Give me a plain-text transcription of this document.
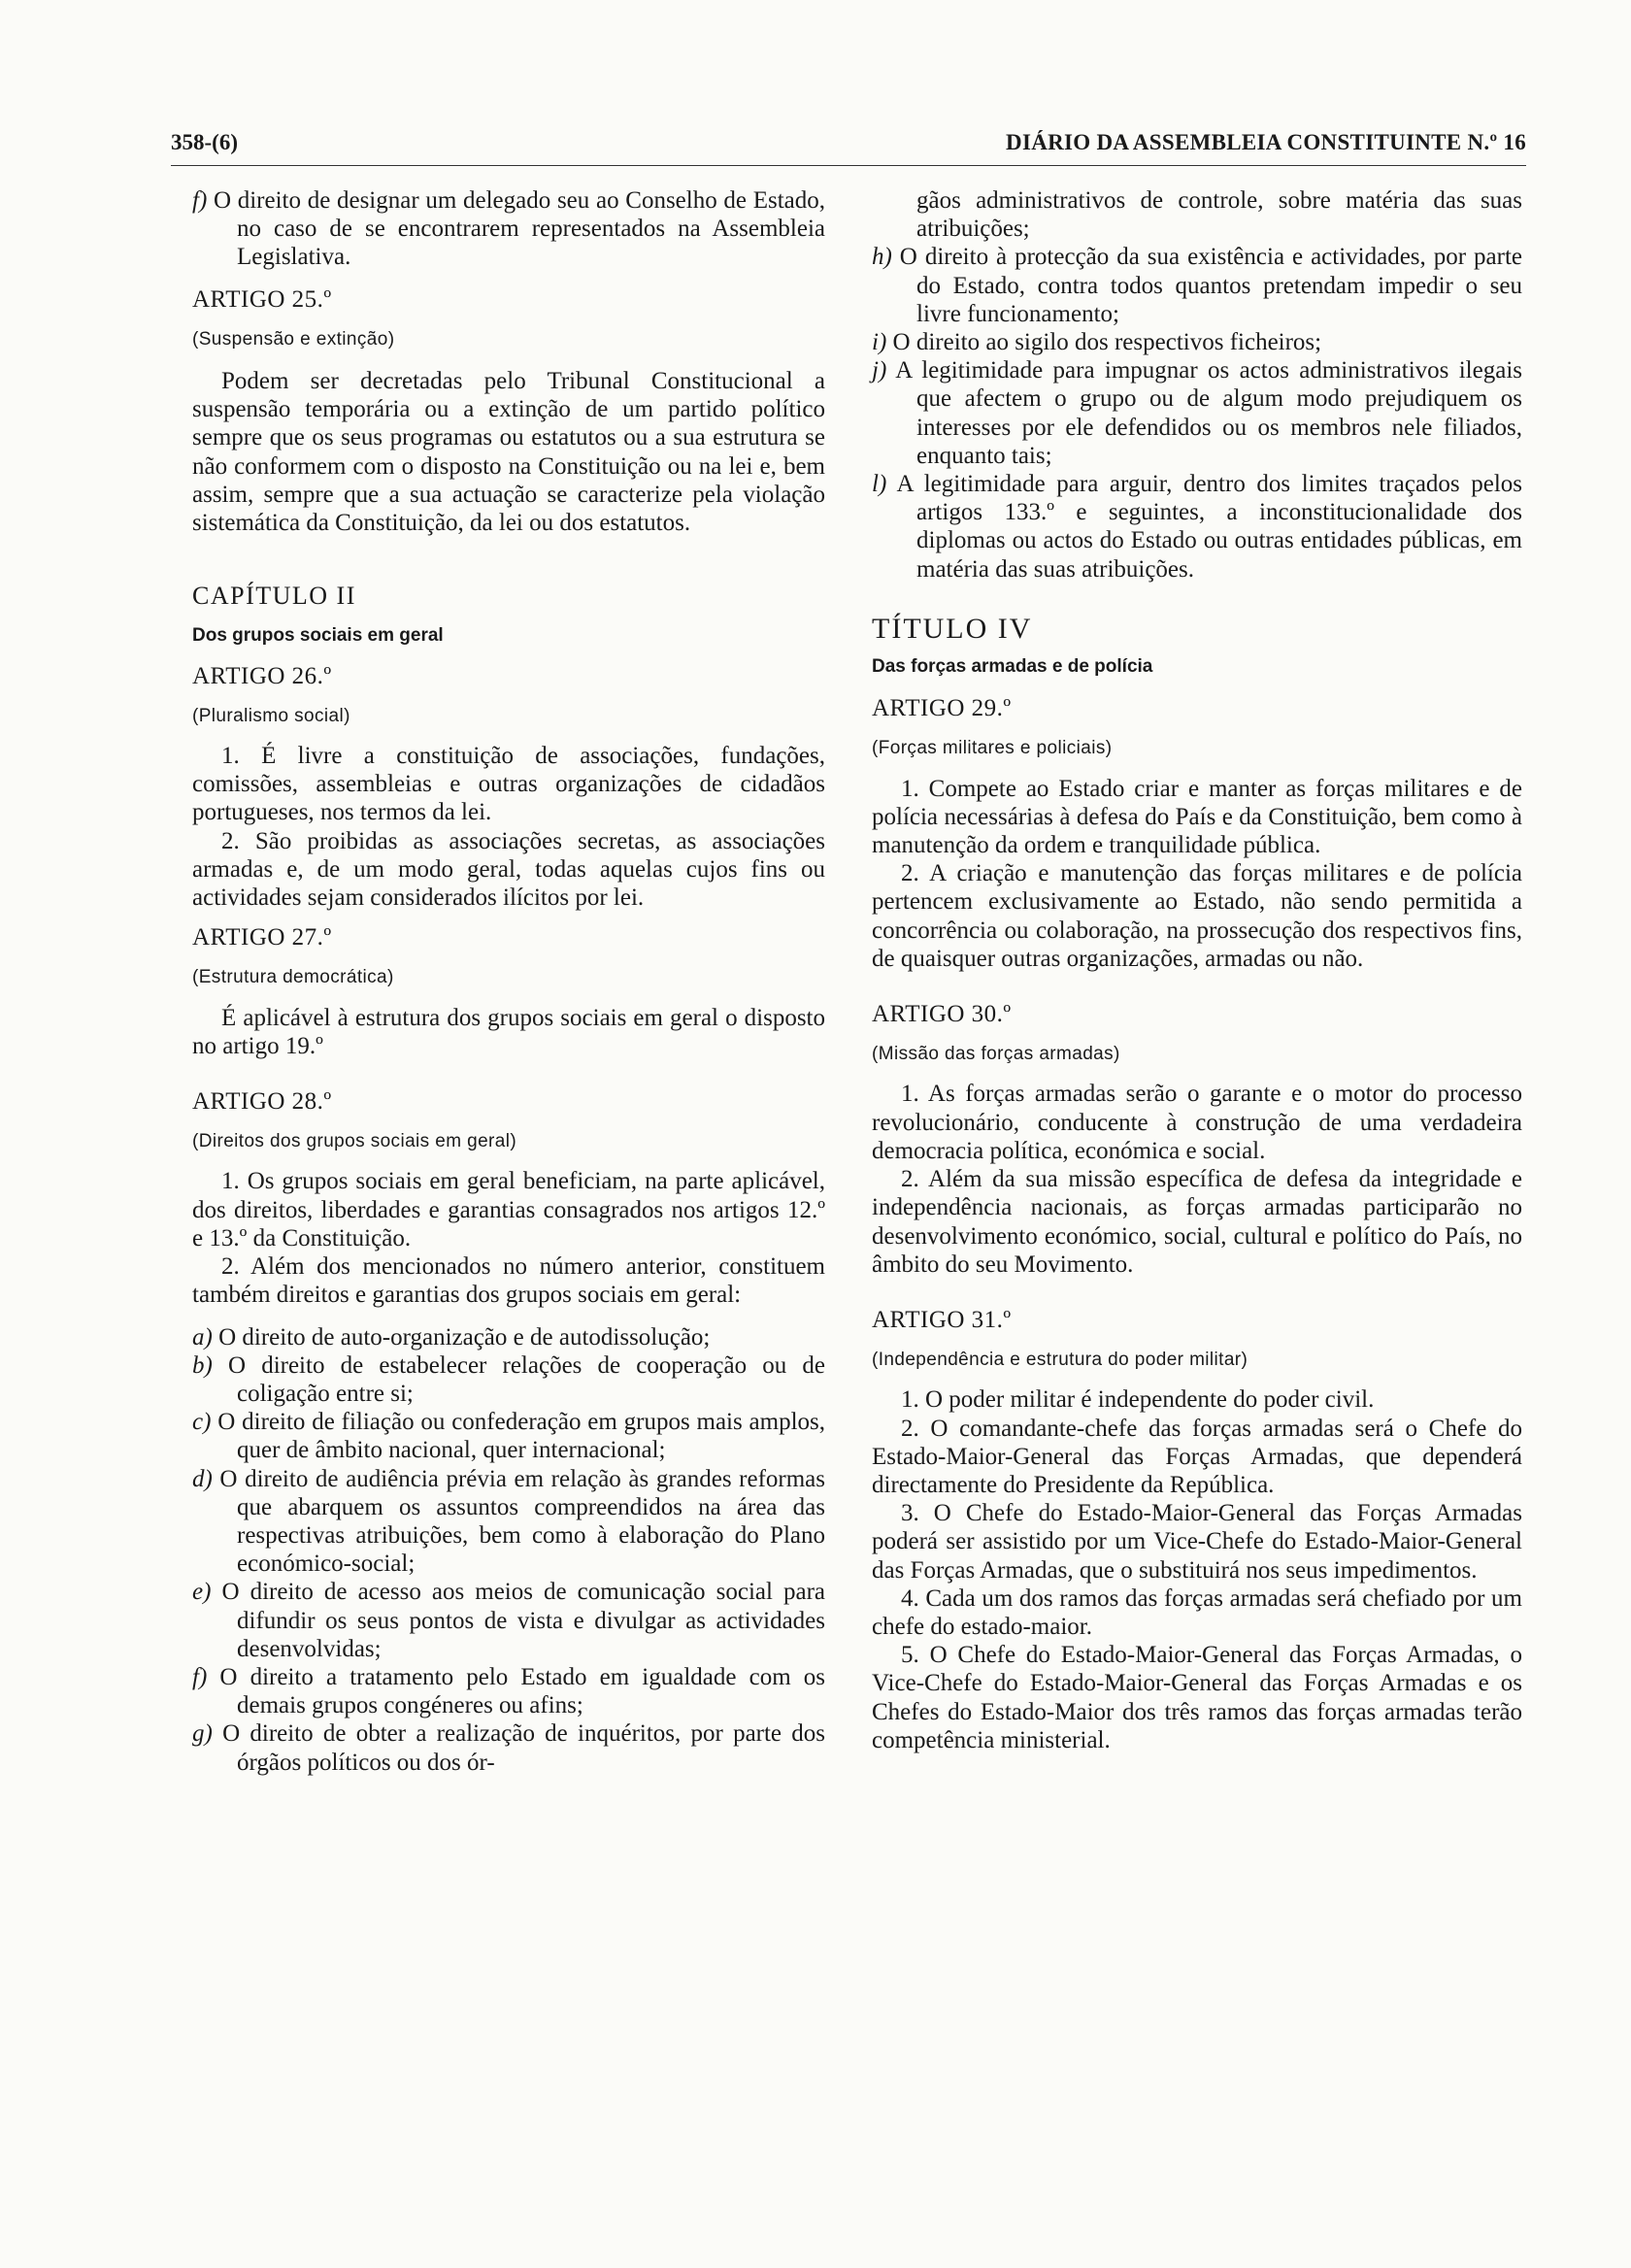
358-(6)	DIÁRIO DA ASSEMBLEIA CONSTITUINTE N.º 16

f) O direito de designar um delegado seu ao Conselho de Estado, no caso de se encontrarem representados na Assembleia Legislativa.

ARTIGO 25.º

(Suspensão e extinção)

Podem ser decretadas pelo Tribunal Constitucional a suspensão temporária ou a extinção de um partido político sempre que os seus programas ou estatutos ou a sua estrutura se não conformem com o disposto na Constituição ou na lei e, bem assim, sempre que a sua actuação se caracterize pela violação sistemática da Constituição, da lei ou dos estatutos.

CAPÍTULO II

Dos grupos sociais em geral

ARTIGO 26.º

(Pluralismo social)

1. É livre a constituição de associações, fundações, comissões, assembleias e outras organizações de cidadãos portugueses, nos termos da lei.

2. São proibidas as associações secretas, as associações armadas e, de um modo geral, todas aquelas cujos fins ou actividades sejam considerados ilícitos por lei.

ARTIGO 27.º

(Estrutura democrática)

É aplicável à estrutura dos grupos sociais em geral o disposto no artigo 19.º

ARTIGO 28.º

(Direitos dos grupos sociais em geral)

1. Os grupos sociais em geral beneficiam, na parte aplicável, dos direitos, liberdades e garantias consagrados nos artigos 12.º e 13.º da Constituição.

2. Além dos mencionados no número anterior, constituem também direitos e garantias dos grupos sociais em geral:

a) O direito de auto-organização e de autodissolução;

b) O direito de estabelecer relações de cooperação ou de coligação entre si;

c) O direito de filiação ou confederação em grupos mais amplos, quer de âmbito nacional, quer internacional;

d) O direito de audiência prévia em relação às grandes reformas que abarquem os assuntos compreendidos na área das respectivas atribuições, bem como à elaboração do Plano económico-social;

e) O direito de acesso aos meios de comunicação social para difundir os seus pontos de vista e divulgar as actividades desenvolvidas;

f) O direito a tratamento pelo Estado em igualdade com os demais grupos congéneres ou afins;

g) O direito de obter a realização de inquéritos, por parte dos órgãos políticos ou dos ór-

gãos administrativos de controle, sobre matéria das suas atribuições;

h) O direito à protecção da sua existência e actividades, por parte do Estado, contra todos quantos pretendam impedir o seu livre funcionamento;

i) O direito ao sigilo dos respectivos ficheiros;

j) A legitimidade para impugnar os actos administrativos ilegais que afectem o grupo ou de algum modo prejudiquem os interesses por ele defendidos ou os membros nele filiados, enquanto tais;

l) A legitimidade para arguir, dentro dos limites traçados pelos artigos 133.º e seguintes, a inconstitucionalidade dos diplomas ou actos do Estado ou outras entidades públicas, em matéria das suas atribuições.

TÍTULO IV

Das forças armadas e de polícia

ARTIGO 29.º

(Forças militares e policiais)

1. Compete ao Estado criar e manter as forças militares e de polícia necessárias à defesa do País e da Constituição, bem como à manutenção da ordem e tranquilidade pública.

2. A criação e manutenção das forças militares e de polícia pertencem exclusivamente ao Estado, não sendo permitida a concorrência ou colaboração, na prossecução dos respectivos fins, de quaisquer outras organizações, armadas ou não.

ARTIGO 30.º

(Missão das forças armadas)

1. As forças armadas serão o garante e o motor do processo revolucionário, conducente à construção de uma verdadeira democracia política, económica e social.

2. Além da sua missão específica de defesa da integridade e independência nacionais, as forças armadas participarão no desenvolvimento económico, social, cultural e político do País, no âmbito do seu Movimento.

ARTIGO 31.º

(Independência e estrutura do poder militar)

1. O poder militar é independente do poder civil.

2. O comandante-chefe das forças armadas será o Chefe do Estado-Maior-General das Forças Armadas, que dependerá directamente do Presidente da República.

3. O Chefe do Estado-Maior-General das Forças Armadas poderá ser assistido por um Vice-Chefe do Estado-Maior-General das Forças Armadas, que o substituirá nos seus impedimentos.

4. Cada um dos ramos das forças armadas será chefiado por um chefe do estado-maior.

5. O Chefe do Estado-Maior-General das Forças Armadas, o Vice-Chefe do Estado-Maior-General das Forças Armadas e os Chefes do Estado-Maior dos três ramos das forças armadas terão competência ministerial.
